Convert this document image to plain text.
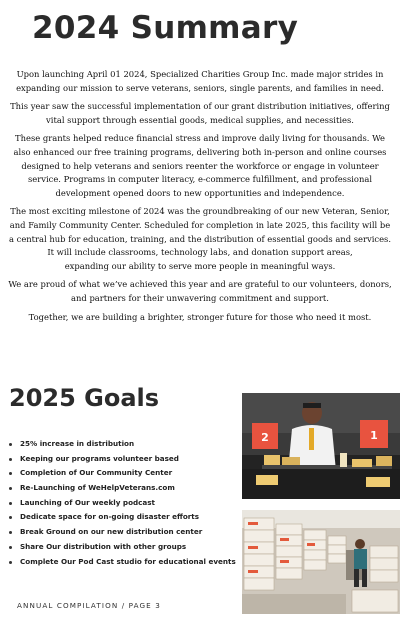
2024 Summary

Upon launching April 01 2024, Specialized Charities Group Inc. made major strides in expanding our mission to serve veterans, seniors, single parents, and families in need.

This year saw the successful implementation of our grant distribution initiatives, offering vital support through essential goods, medical supplies, and necessities.

These grants helped reduce financial stress and improve daily living for thousands. We also enhanced our free training programs, delivering both in-person and online courses designed to help veterans and seniors reenter the workforce or engage in volunteer service. Programs in computer literacy, e-commerce fulfillment, and professional development opened doors to new opportunities and independence.

The most exciting milestone of 2024 was the groundbreaking of our new Veteran, Senior, and Family Community Center. Scheduled for completion in late 2025, this facility will be a central hub for education, training, and the distribution of essential goods and services. It will include classrooms, technology labs, and donation support areas,

expanding our ability to serve more people in meaningful ways.

We are proud of what we’ve achieved this year and are grateful to our volunteers, donors, and partners for their unwavering commitment and support.

Together, we are building a brighter, stronger future for those who need it most.

2025 Goals
25% increase in distribution
Keeping our programs volunteer based
Completion of Our Community Center
Re-Launching of WeHelpVeterans.com
Launching of Our weekly podcast
Dedicate space for on-going disaster efforts
Break Ground on our new distribution center
Share Our distribution with other groups
Complete Our Pod Cast studio for educational events
2	1
ANNUAL COMPILATION / PAGE 3
